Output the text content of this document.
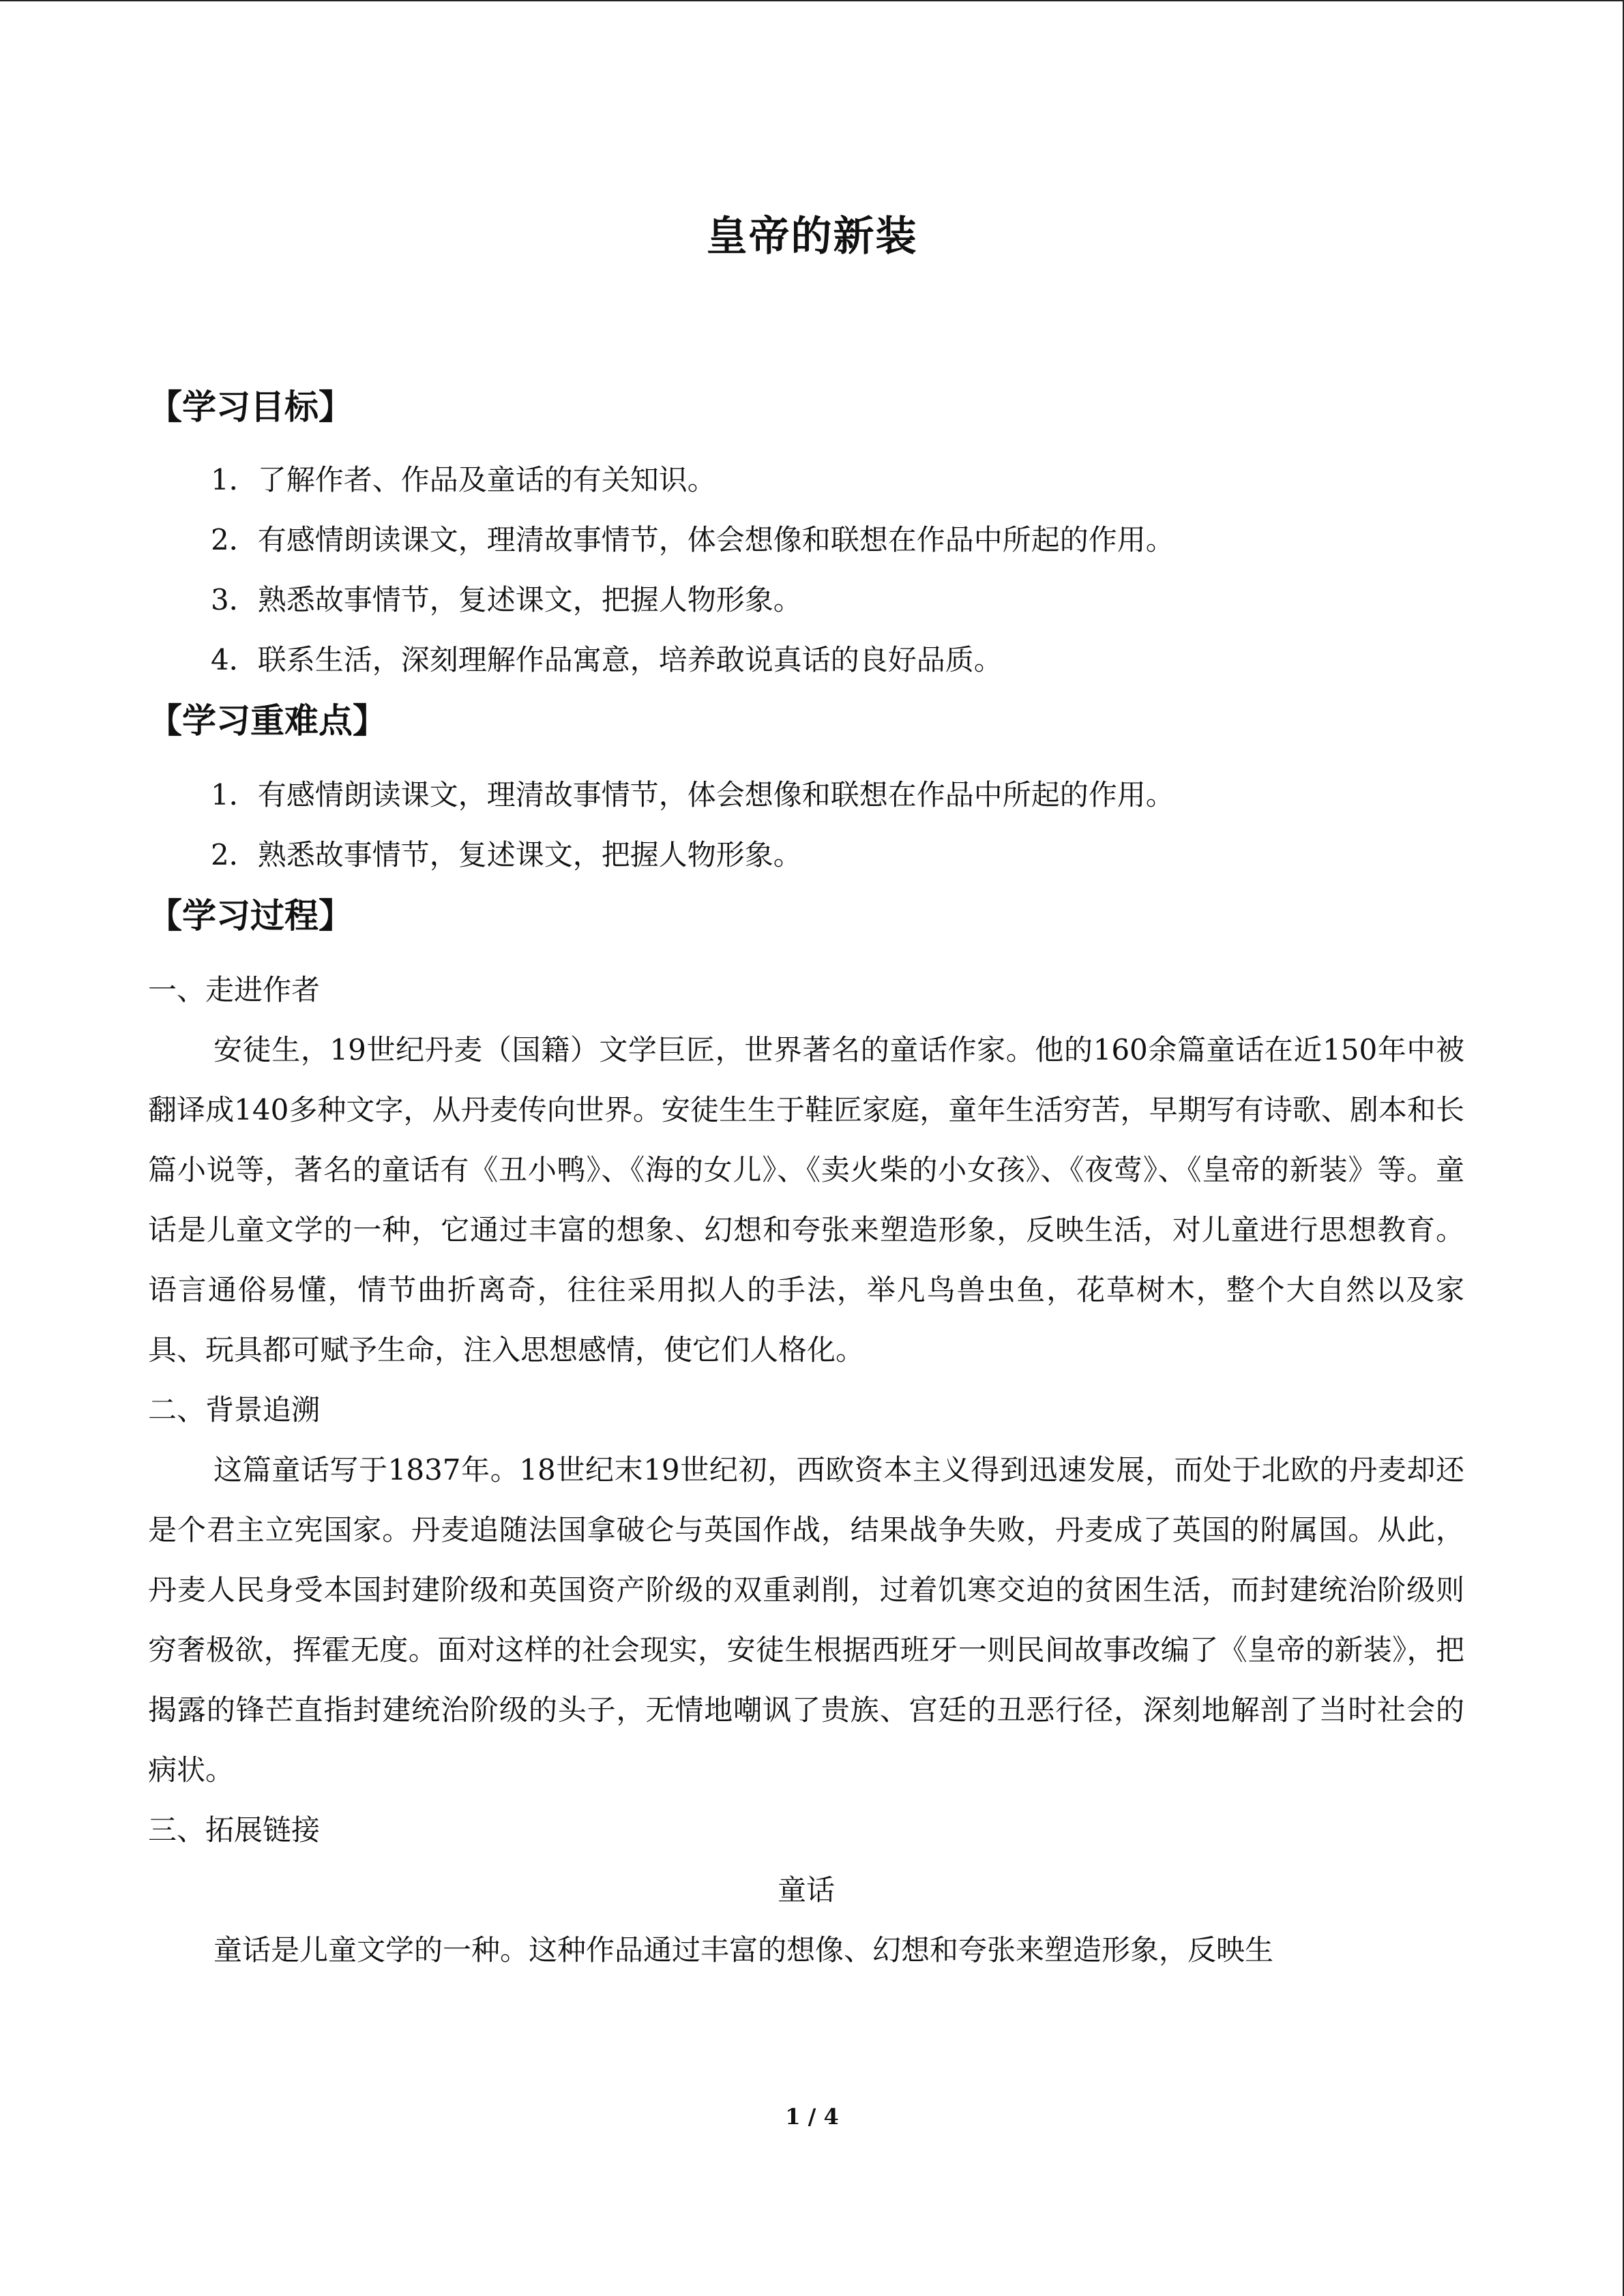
皇帝的新装

【学习目标】

1．了解作者、作品及童话的有关知识。

2．有感情朗读课文，理清故事情节，体会想像和联想在作品中所起的作用。

3．熟悉故事情节，复述课文，把握人物形象。

4．联系生活，深刻理解作品寓意，培养敢说真话的良好品质。

【学习重难点】

1．有感情朗读课文，理清故事情节，体会想像和联想在作品中所起的作用。

2．熟悉故事情节，复述课文，把握人物形象。

【学习过程】

一、走进作者

安徒生，19世纪丹麦（国籍）文学巨匠，世界著名的童话作家。他的160余篇童话在近150年中被翻译成140多种文字，从丹麦传向世界。安徒生生于鞋匠家庭，童年生活穷苦，早期写有诗歌、剧本和长篇小说等，著名的童话有《丑小鸭》、《海的女儿》、《卖火柴的小女孩》、《夜莺》、《皇帝的新装》等。童话是儿童文学的一种，它通过丰富的想象、幻想和夸张来塑造形象，反映生活，对儿童进行思想教育。语言通俗易懂，情节曲折离奇，往往采用拟人的手法，举凡鸟兽虫鱼，花草树木，整个大自然以及家具、玩具都可赋予生命，注入思想感情，使它们人格化。

二、背景追溯

这篇童话写于1837年。18世纪末19世纪初，西欧资本主义得到迅速发展，而处于北欧的丹麦却还是个君主立宪国家。丹麦追随法国拿破仑与英国作战，结果战争失败，丹麦成了英国的附属国。从此，丹麦人民身受本国封建阶级和英国资产阶级的双重剥削，过着饥寒交迫的贫困生活，而封建统治阶级则穷奢极欲，挥霍无度。面对这样的社会现实，安徒生根据西班牙一则民间故事改编了《皇帝的新装》，把揭露的锋芒直指封建统治阶级的头子，无情地嘲讽了贵族、宫廷的丑恶行径，深刻地解剖了当时社会的病状。

三、拓展链接

童话

童话是儿童文学的一种。这种作品通过丰富的想像、幻想和夸张来塑造形象，反映生

1 / 4
